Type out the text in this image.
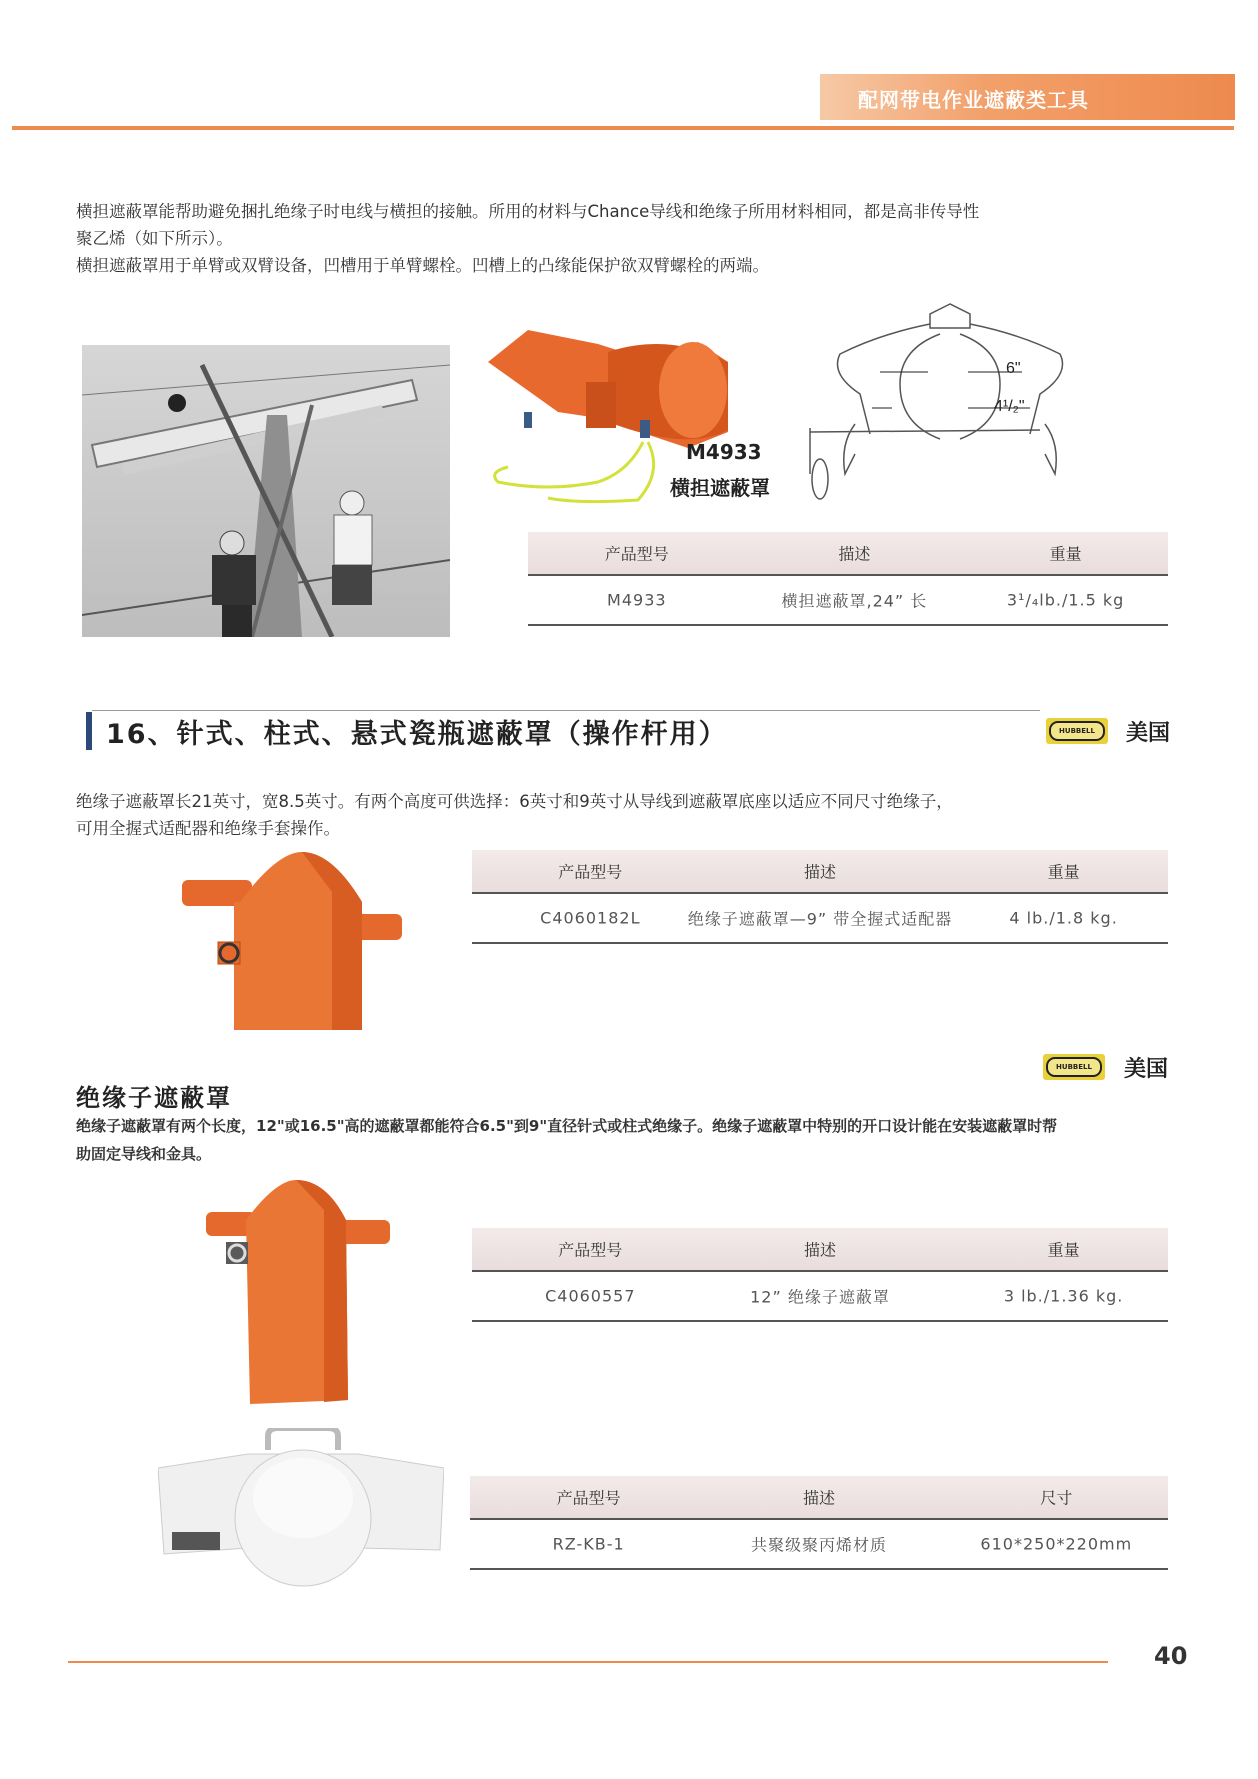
配网带电作业遮蔽类工具

横担遮蔽罩能帮助避免捆扎绝缘子时电线与横担的接触。所用的材料与Chance导线和绝缘子所用材料相同，都是高非传导性

聚乙烯（如下所示）。

横担遮蔽罩用于单臂或双臂设备，凹槽用于单臂螺栓。凹槽上的凸缘能保护欲双臂螺栓的两端。

M4933
横担遮蔽罩
6"
4¹/₂"
产品型号	描述	重量
M4933	横担遮蔽罩,24” 长	3¹/₄lb./1.5 kg
16、针式、柱式、悬式瓷瓶遮蔽罩（操作杆用）	HUBBELL	美国

绝缘子遮蔽罩长21英寸，宽8.5英寸。有两个高度可供选择：6英寸和9英寸从导线到遮蔽罩底座以适应不同尺寸绝缘子，

可用全握式适配器和绝缘手套操作。

产品型号	描述	重量
C4060182L	绝缘子遮蔽罩—9” 带全握式适配器	4 lb./1.8 kg.
HUBBELL	美国
绝缘子遮蔽罩

绝缘子遮蔽罩有两个长度，12"或16.5"高的遮蔽罩都能符合6.5"到9"直径针式或柱式绝缘子。绝缘子遮蔽罩中特别的开口设计能在安装遮蔽罩时帮

助固定导线和金具。

产品型号	描述	重量
C4060557	12” 绝缘子遮蔽罩	3 lb./1.36 kg.
产品型号	描述	尺寸
RZ-KB-1	共聚级聚丙烯材质	610*250*220mm
40
